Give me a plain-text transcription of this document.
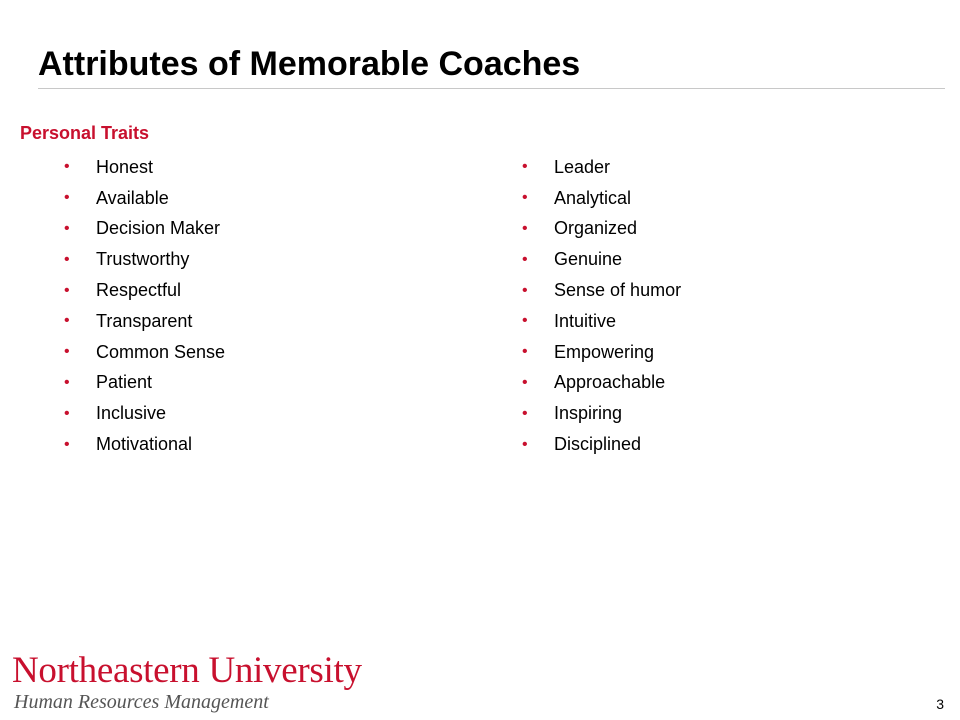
Attributes of Memorable Coaches
Personal Traits
•	Honest
•	Available
•	Decision Maker
•	Trustworthy
•	Respectful
•	Transparent
•	Common Sense
•	Patient
•	Inclusive
•	Motivational
•	Leader
•	Analytical
•	Organized
•	Genuine
•	Sense of humor
•	Intuitive
•	Empowering
•	Approachable
•	Inspiring
•	Disciplined
Northeastern University
Human Resources Management	3
